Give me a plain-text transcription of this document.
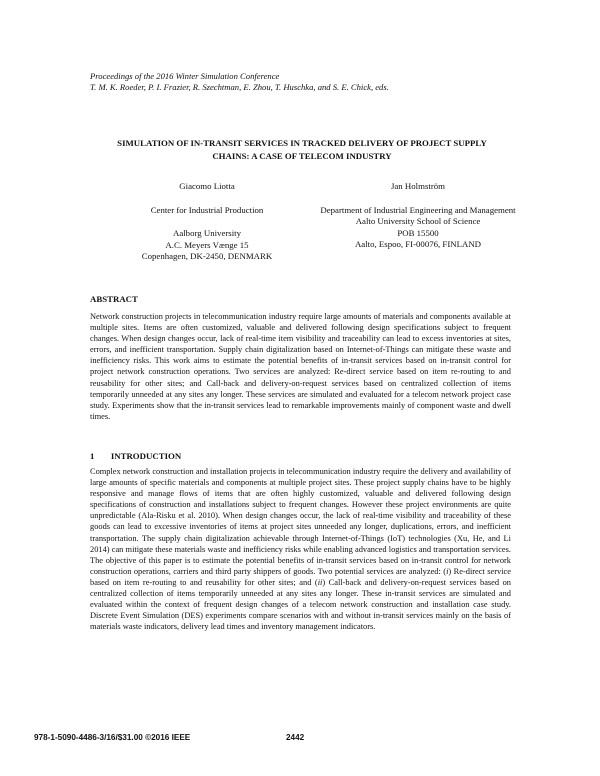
Proceedings of the 2016 Winter Simulation Conference
T. M. K. Roeder, P. I. Frazier, R. Szechtman, E. Zhou, T. Huschka, and S. E. Chick, eds.
SIMULATION OF IN-TRANSIT SERVICES IN TRACKED DELIVERY OF PROJECT SUPPLY
CHAINS: A CASE OF TELECOM INDUSTRY
Giacomo Liotta
Center for Industrial Production
Aalborg University
A.C. Meyers Vænge 15
Copenhagen, DK-2450, DENMARK
Jan Holmström
Department of Industrial Engineering and Management
Aalto University School of Science
POB 15500
Aalto, Espoo, FI-00076, FINLAND
ABSTRACT
Network construction projects in telecommunication industry require large amounts of materials and components available at multiple sites. Items are often customized, valuable and delivered following design specifications subject to frequent changes. When design changes occur, lack of real-time item visibility and traceability can lead to excess inventories at sites, errors, and inefficient transportation. Supply chain digitalization based on Internet-of-Things can mitigate these waste and inefficiency risks. This work aims to estimate the potential benefits of in-transit services based on in-transit control for project network construction operations. Two services are analyzed: Re-direct service based on item re-routing to and reusability for other sites; and Call-back and delivery-on-request services based on centralized collection of items temporarily unneeded at any sites any longer. These services are simulated and evaluated for a telecom network project case study. Experiments show that the in-transit services lead to remarkable improvements mainly of component waste and dwell times.
1 INTRODUCTION
Complex network construction and installation projects in telecommunication industry require the delivery and availability of large amounts of specific materials and components at multiple project sites. These project supply chains have to be highly responsive and manage flows of items that are often highly customized, valuable and delivered following design specifications of construction and installations subject to frequent changes. However these project environments are quite unpredictable (Ala-Risku et al. 2010). When design changes occur, the lack of real-time visibility and traceability of these goods can lead to excessive inventories of items at project sites unneeded any longer, duplications, errors, and inefficient transportation. The supply chain digitalization achievable through Internet-of-Things (IoT) technologies (Xu, He, and Li 2014) can mitigate these materials waste and inefficiency risks while enabling advanced logistics and transportation services. The objective of this paper is to estimate the potential benefits of in-transit services based on in-transit control for network construction operations, carriers and third party shippers of goods. Two potential services are analyzed: (i) Re-direct service based on item re-routing to and reusability for other sites; and (ii) Call-back and delivery-on-request services based on centralized collection of items temporarily unneeded at any sites any longer. These in-transit services are simulated and evaluated within the context of frequent design changes of a telecom network construction and installation case study. Discrete Event Simulation (DES) experiments compare scenarios with and without in-transit services mainly on the basis of materials waste indicators, delivery lead times and inventory management indicators.
978-1-5090-4486-3/16/$31.00 ©2016 IEEE	2442
